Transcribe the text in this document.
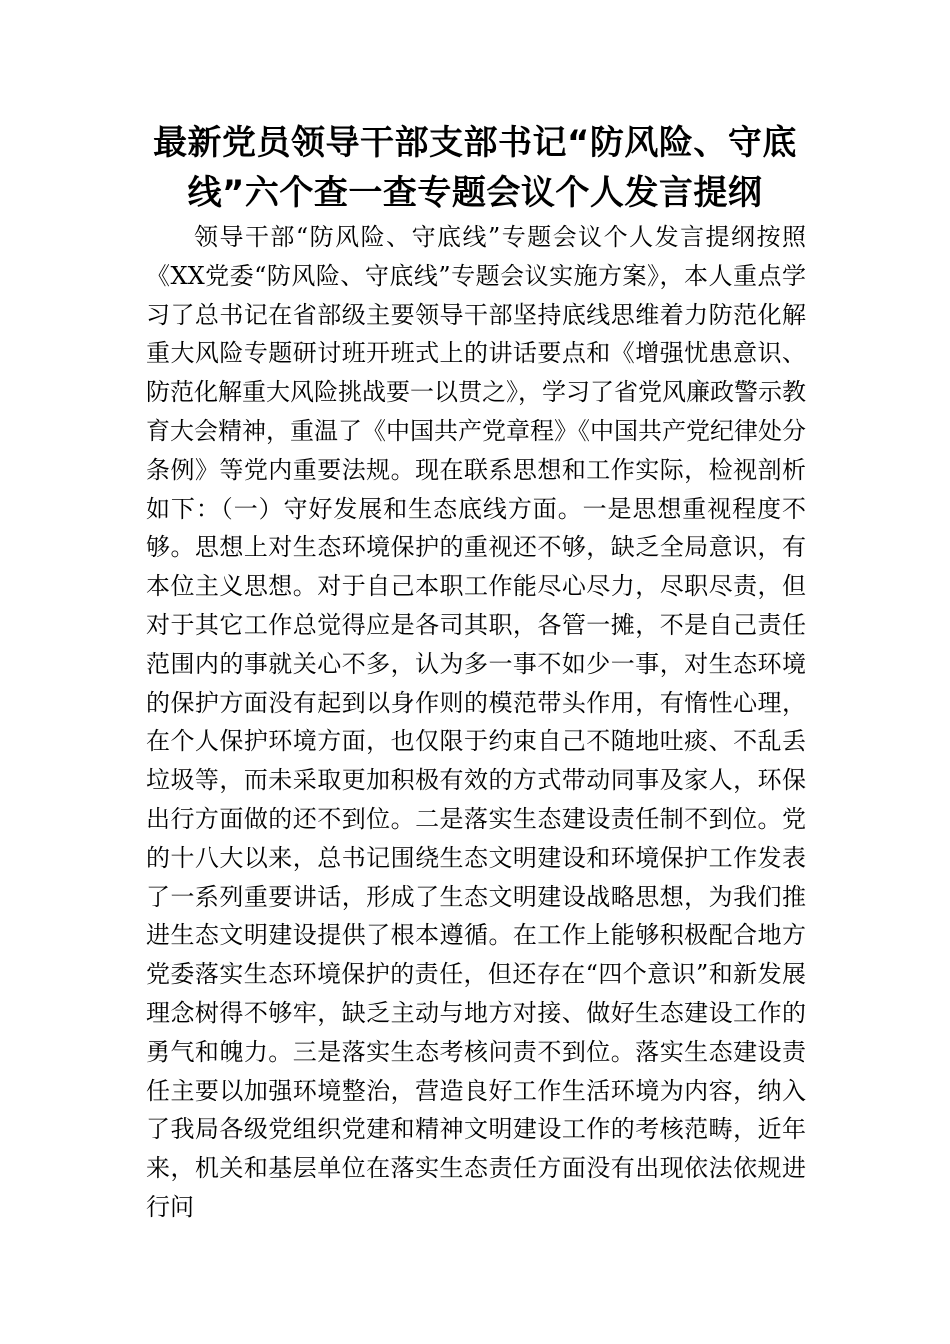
最新党员领导干部支部书记“防风险、守底线”六个查一查专题会议个人发言提纲

领导干部“防风险、守底线”专题会议个人发言提纲按照《XX党委“防风险、守底线”专题会议实施方案》，本人重点学习了总书记在省部级主要领导干部坚持底线思维着力防范化解重大风险专题研讨班开班式上的讲话要点和《增强忧患意识、防范化解重大风险挑战要一以贯之》，学习了省党风廉政警示教育大会精神，重温了《中国共产党章程》《中国共产党纪律处分条例》等党内重要法规。现在联系思想和工作实际，检视剖析如下：（一）守好发展和生态底线方面。一是思想重视程度不够。思想上对生态环境保护的重视还不够，缺乏全局意识，有本位主义思想。对于自己本职工作能尽心尽力，尽职尽责，但对于其它工作总觉得应是各司其职，各管一摊，不是自己责任范围内的事就关心不多，认为多一事不如少一事，对生态环境的保护方面没有起到以身作则的模范带头作用，有惰性心理，在个人保护环境方面，也仅限于约束自己不随地吐痰、不乱丢垃圾等，而未采取更加积极有效的方式带动同事及家人，环保出行方面做的还不到位。二是落实生态建设责任制不到位。党的十八大以来，总书记围绕生态文明建设和环境保护工作发表了一系列重要讲话，形成了生态文明建设战略思想，为我们推进生态文明建设提供了根本遵循。在工作上能够积极配合地方党委落实生态环境保护的责任，但还存在“四个意识”和新发展理念树得不够牢，缺乏主动与地方对接、做好生态建设工作的勇气和魄力。三是落实生态考核问责不到位。落实生态建设责任主要以加强环境整治，营造良好工作生活环境为内容，纳入了我局各级党组织党建和精神文明建设工作的考核范畴，近年来，机关和基层单位在落实生态责任方面没有出现依法依规进行问
